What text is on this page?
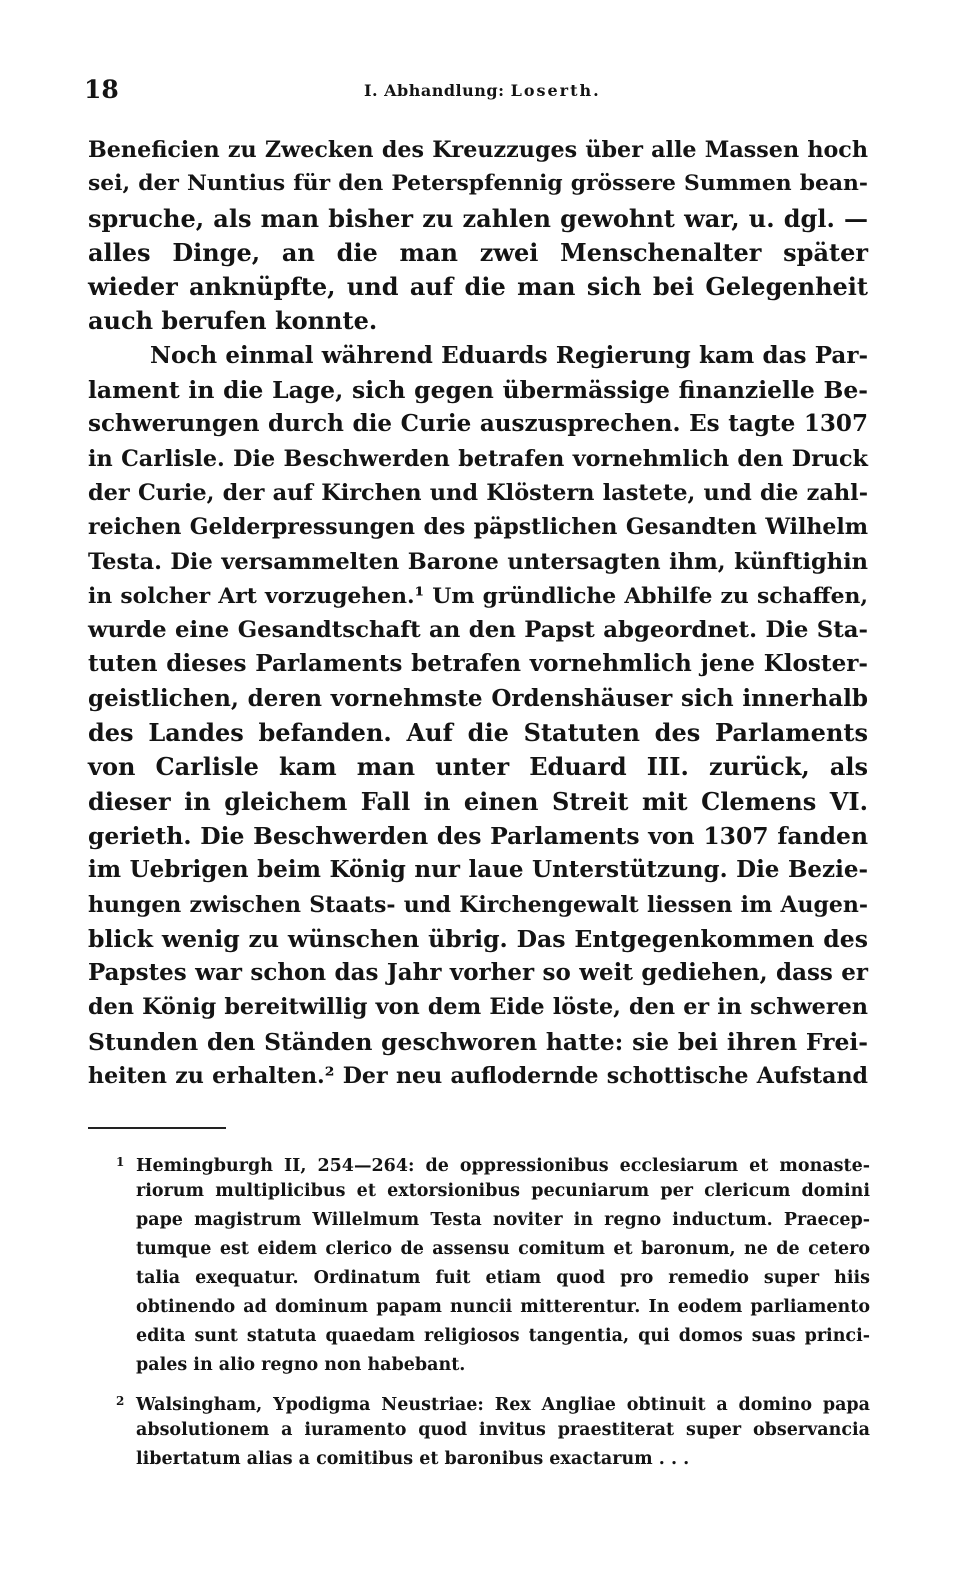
18	I. Abhandlung: Loserth.
Beneficien zu Zwecken des Kreuzzuges über alle Massen hoch
sei, der Nuntius für den Peterspfennig grössere Summen bean-
spruche, als man bisher zu zahlen gewohnt war, u. dgl. —
alles Dinge, an die man zwei Menschenalter später
wieder anknüpfte, und auf die man sich bei Gelegenheit
auch berufen konnte.
Noch einmal während Eduards Regierung kam das Par-
lament in die Lage, sich gegen übermässige finanzielle Be-
schwerungen durch die Curie auszusprechen. Es tagte 1307
in Carlisle. Die Beschwerden betrafen vornehmlich den Druck
der Curie, der auf Kirchen und Klöstern lastete, und die zahl-
reichen Gelderpressungen des päpstlichen Gesandten Wilhelm
Testa. Die versammelten Barone untersagten ihm, künftighin
in solcher Art vorzugehen.¹ Um gründliche Abhilfe zu schaffen,
wurde eine Gesandtschaft an den Papst abgeordnet. Die Sta-
tuten dieses Parlaments betrafen vornehmlich jene Kloster-
geistlichen, deren vornehmste Ordenshäuser sich innerhalb
des Landes befanden. Auf die Statuten des Parlaments
von Carlisle kam man unter Eduard III. zurück, als
dieser in gleichem Fall in einen Streit mit Clemens VI.
gerieth. Die Beschwerden des Parlaments von 1307 fanden
im Uebrigen beim König nur laue Unterstützung. Die Bezie-
hungen zwischen Staats- und Kirchengewalt liessen im Augen-
blick wenig zu wünschen übrig. Das Entgegenkommen des
Papstes war schon das Jahr vorher so weit gediehen, dass er
den König bereitwillig von dem Eide löste, den er in schweren
Stunden den Ständen geschworen hatte: sie bei ihren Frei-
heiten zu erhalten.² Der neu auflodernde schottische Aufstand
1 Hemingburgh II, 254—264: de oppressionibus ecclesiarum et monaste-
riorum multiplicibus et extorsionibus pecuniarum per clericum domini
pape magistrum Willelmum Testa noviter in regno inductum. Praecep-
tumque est eidem clerico de assensu comitum et baronum, ne de cetero
talia exequatur. Ordinatum fuit etiam quod pro remedio super hiis
obtinendo ad dominum papam nuncii mitterentur. In eodem parliamento
edita sunt statuta quaedam religiosos tangentia, qui domos suas princi-
pales in alio regno non habebant.
2 Walsingham, Ypodigma Neustriae: Rex Angliae obtinuit a domino papa
absolutionem a iuramento quod invitus praestiterat super observancia
libertatum alias a comitibus et baronibus exactarum . . .
